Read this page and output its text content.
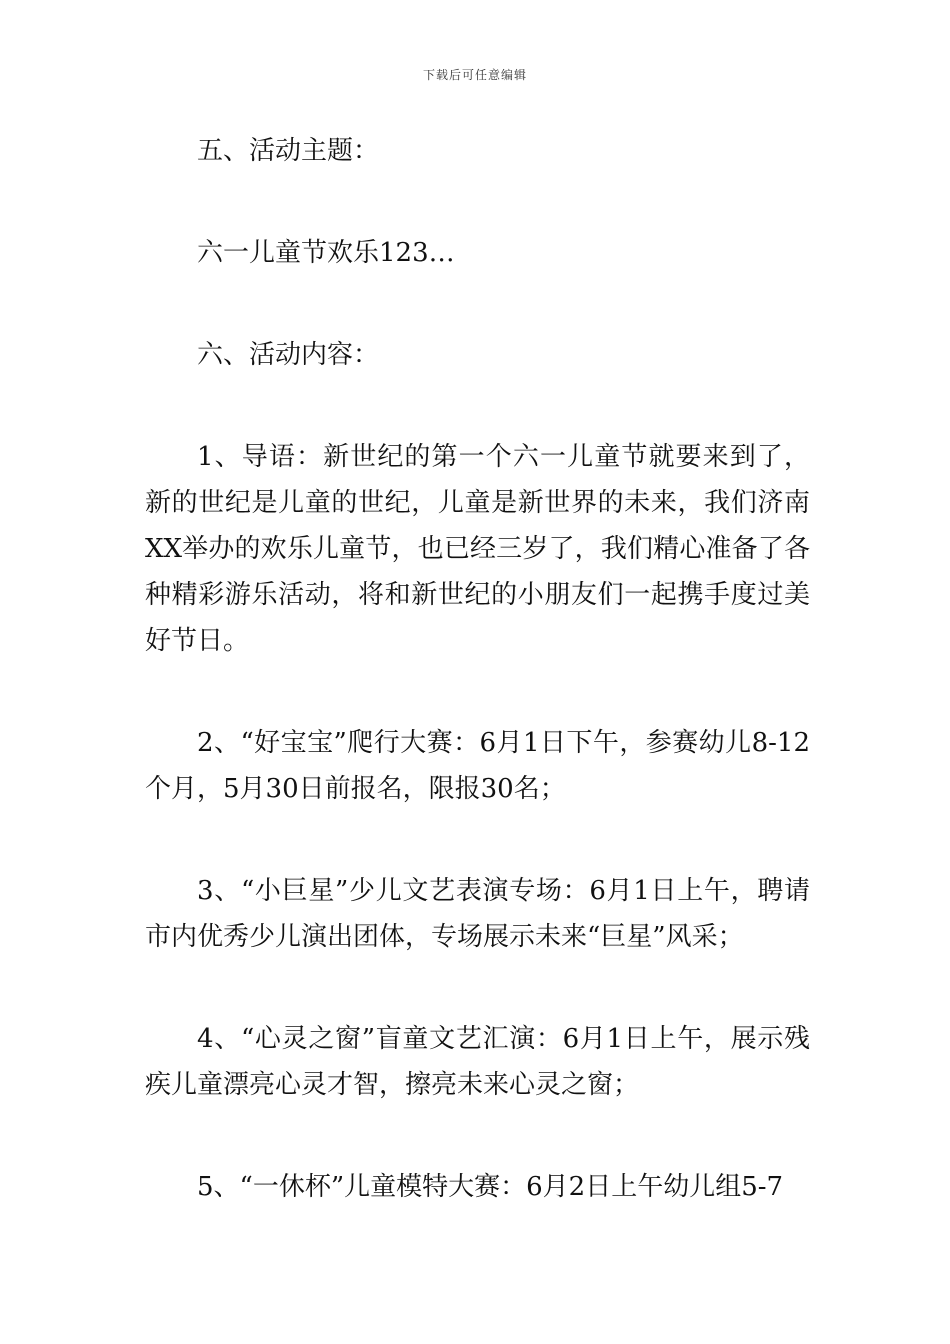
下载后可任意编辑

五、活动主题：

六一儿童节欢乐123…

六、活动内容：

1、导语：新世纪的第一个六一儿童节就要来到了，新的世纪是儿童的世纪，儿童是新世界的未来，我们济南XX举办的欢乐儿童节，也已经三岁了，我们精心准备了各种精彩游乐活动，将和新世纪的小朋友们一起携手度过美好节日。

2、“好宝宝”爬行大赛：6月1日下午，参赛幼儿8-12个月，5月30日前报名，限报30名；

3、“小巨星”少儿文艺表演专场：6月1日上午，聘请市内优秀少儿演出团体，专场展示未来“巨星”风采；

4、“心灵之窗”盲童文艺汇演：6月1日上午，展示残疾儿童漂亮心灵才智，擦亮未来心灵之窗；

5、“一休杯”儿童模特大赛：6月2日上午幼儿组5-7
